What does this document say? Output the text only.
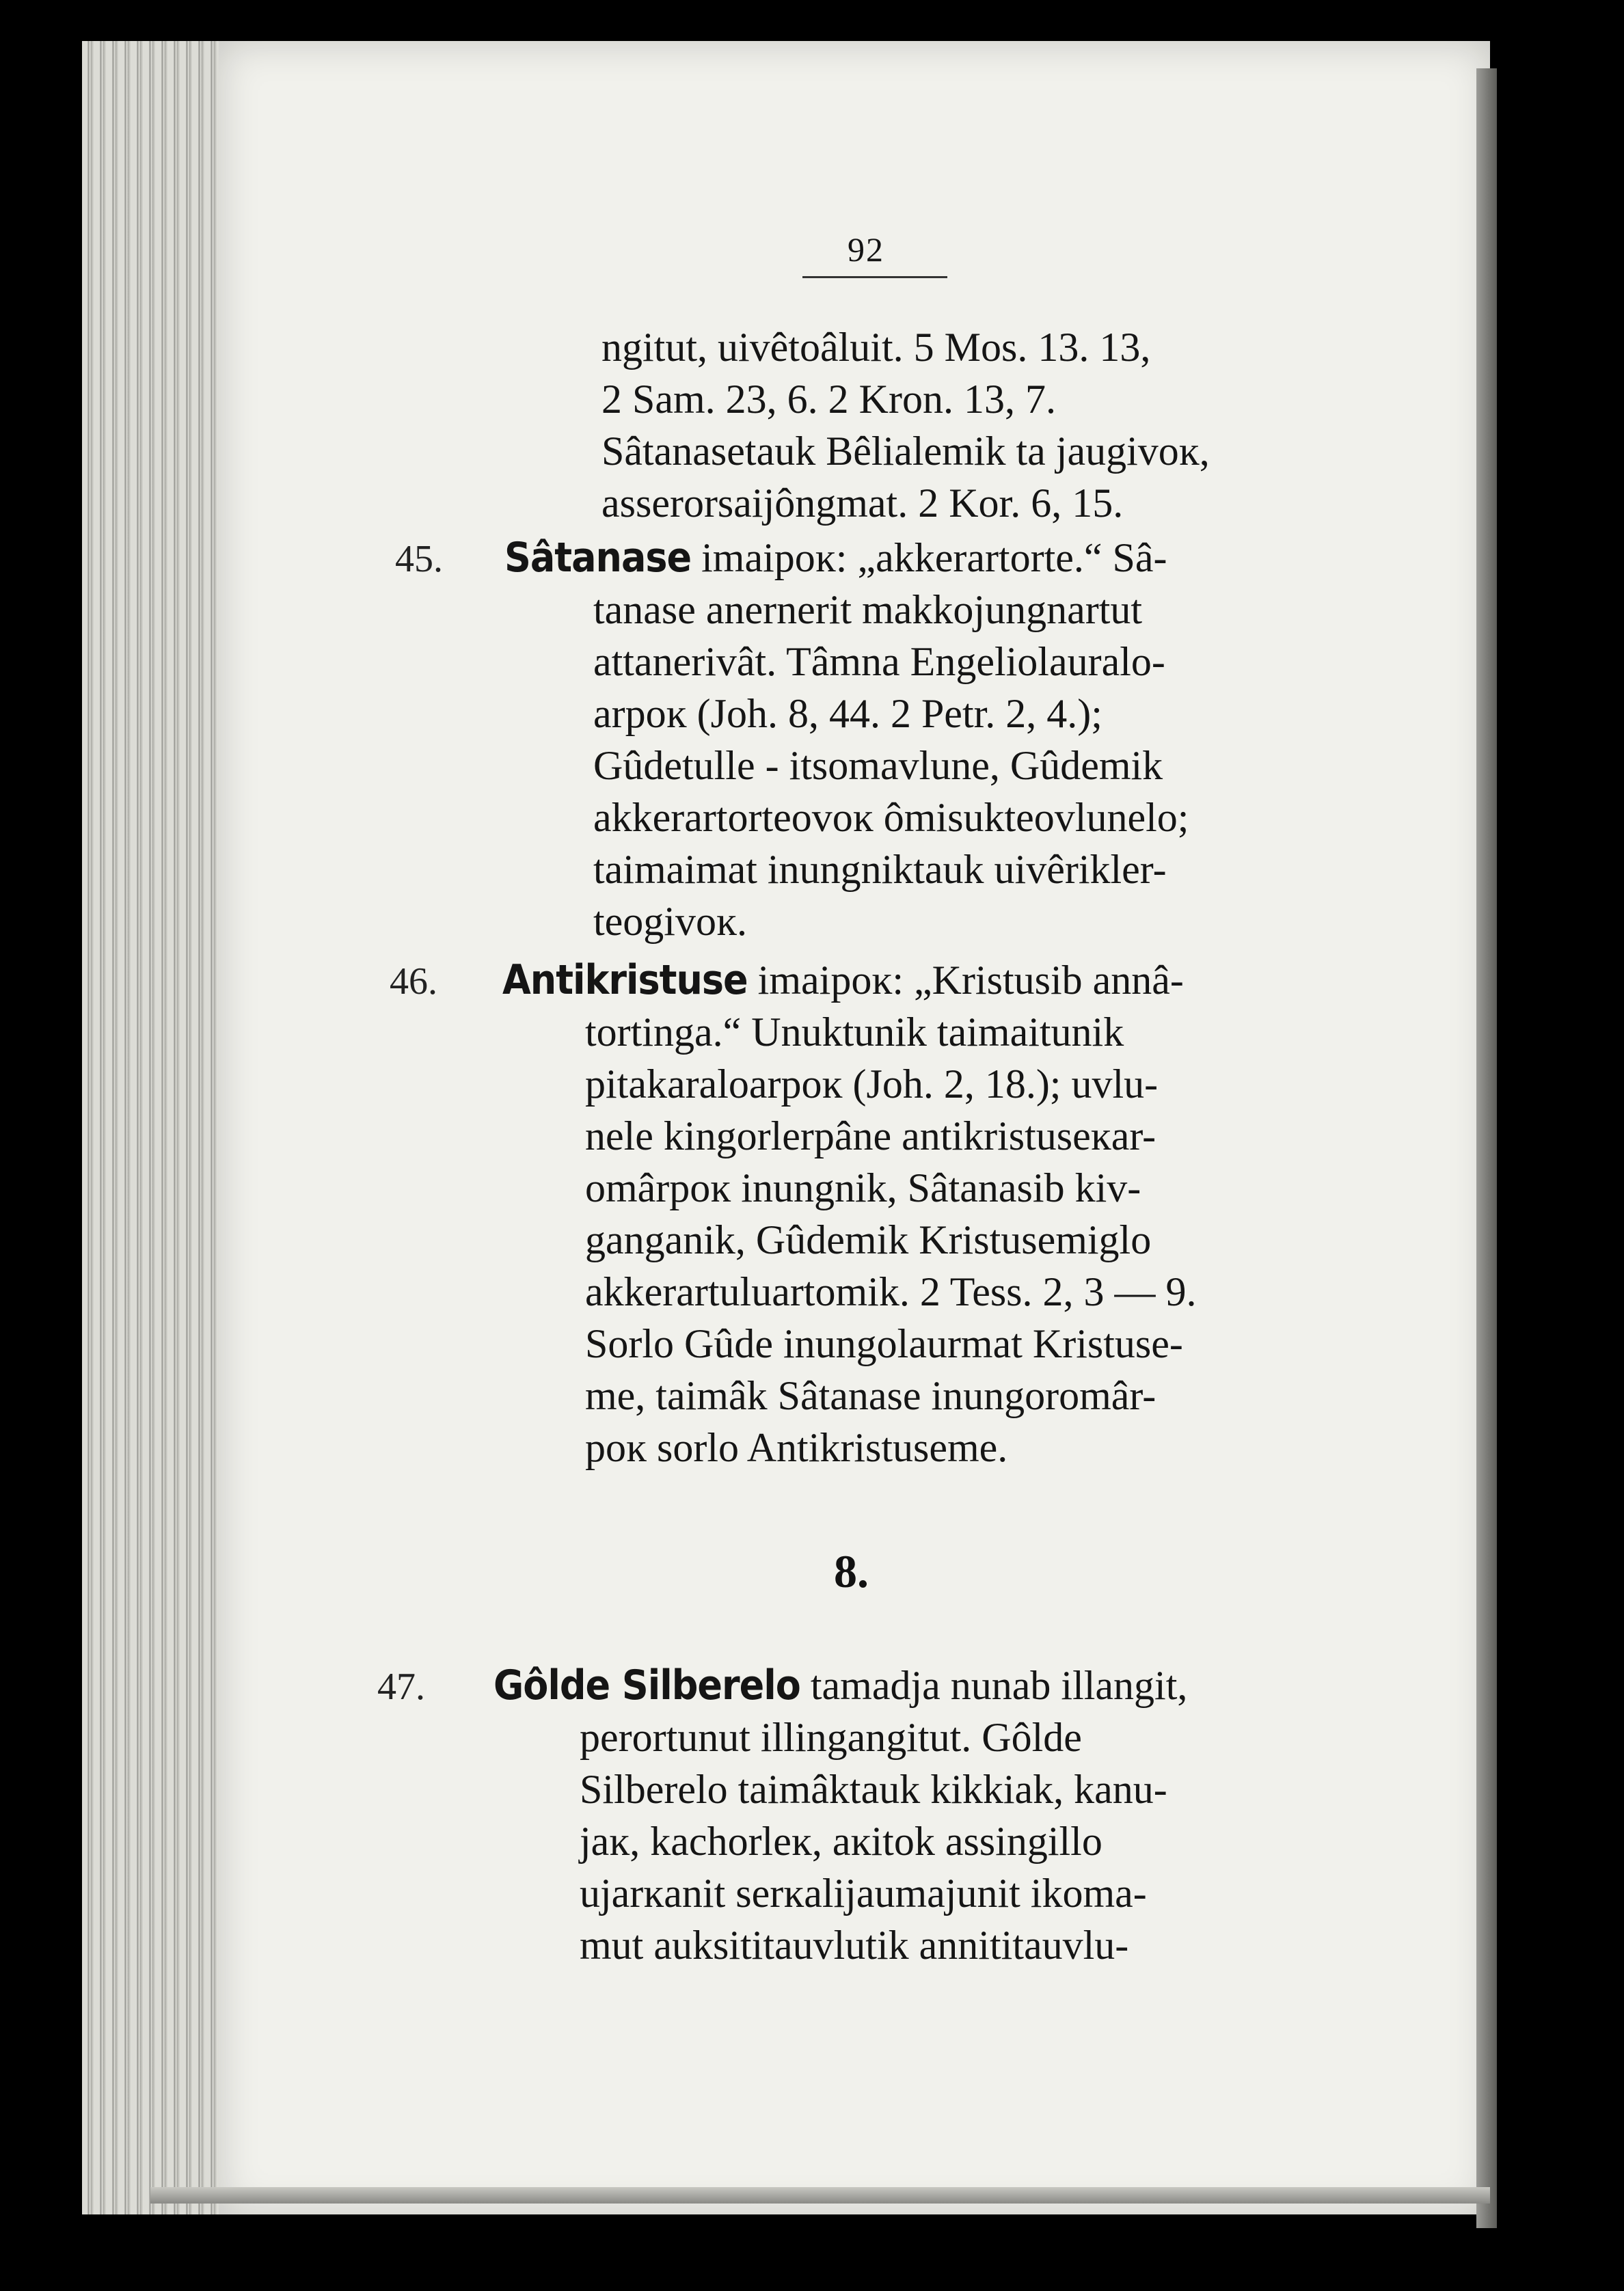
92
ngitut, uivêtoâluit. 5 Mos. 13. 13,
2 Sam. 23, 6. 2 Kron. 13, 7.
Sâtanasetauk Bêlialemik ta jaugivoĸ,
asserorsaijôngmat. 2 Kor. 6, 15.
45. Sâtanase imaipoĸ: „akkerartorte.“ Sâ-
tanase anernerit makkojungnartut
attanerivât. Tâmna Engeliolauralo-
arpoĸ (Joh. 8, 44. 2 Petr. 2, 4.);
Gûdetulle - itsomavlune, Gûdemik
akkerartorteovoĸ ômisukteovlunelo;
taimaimat inungniktauk uivêrikler-
teogivoĸ.
46. Antikristuse imaipoĸ: „Kristusib annâ-
tortinga.“ Unuktunik taimaitunik
pitakaraloarpoĸ (Joh. 2, 18.); uvlu-
nele kingorlerpâne antikristuseĸar-
omârpoĸ inungnik, Sâtanasib kiv-
ganganik, Gûdemik Kristusemiglo
akkerartuluartomik. 2 Tess. 2, 3 — 9.
Sorlo Gûde inungolaurmat Kristuse-
me, taimâk Sâtanase inungoromâr-
poĸ sorlo Antikristuseme.
8.
47. Gôlde Silberelo tamadja nunab illangit,
perortunut illingangitut. Gôlde
Silberelo taimâktauk kikkiak, kanu-
jaĸ, kachorleĸ, aĸitok assingillo
ujarĸanit serĸalijaumajunit ikoma-
mut auksititauvlutik annititauvlu-
